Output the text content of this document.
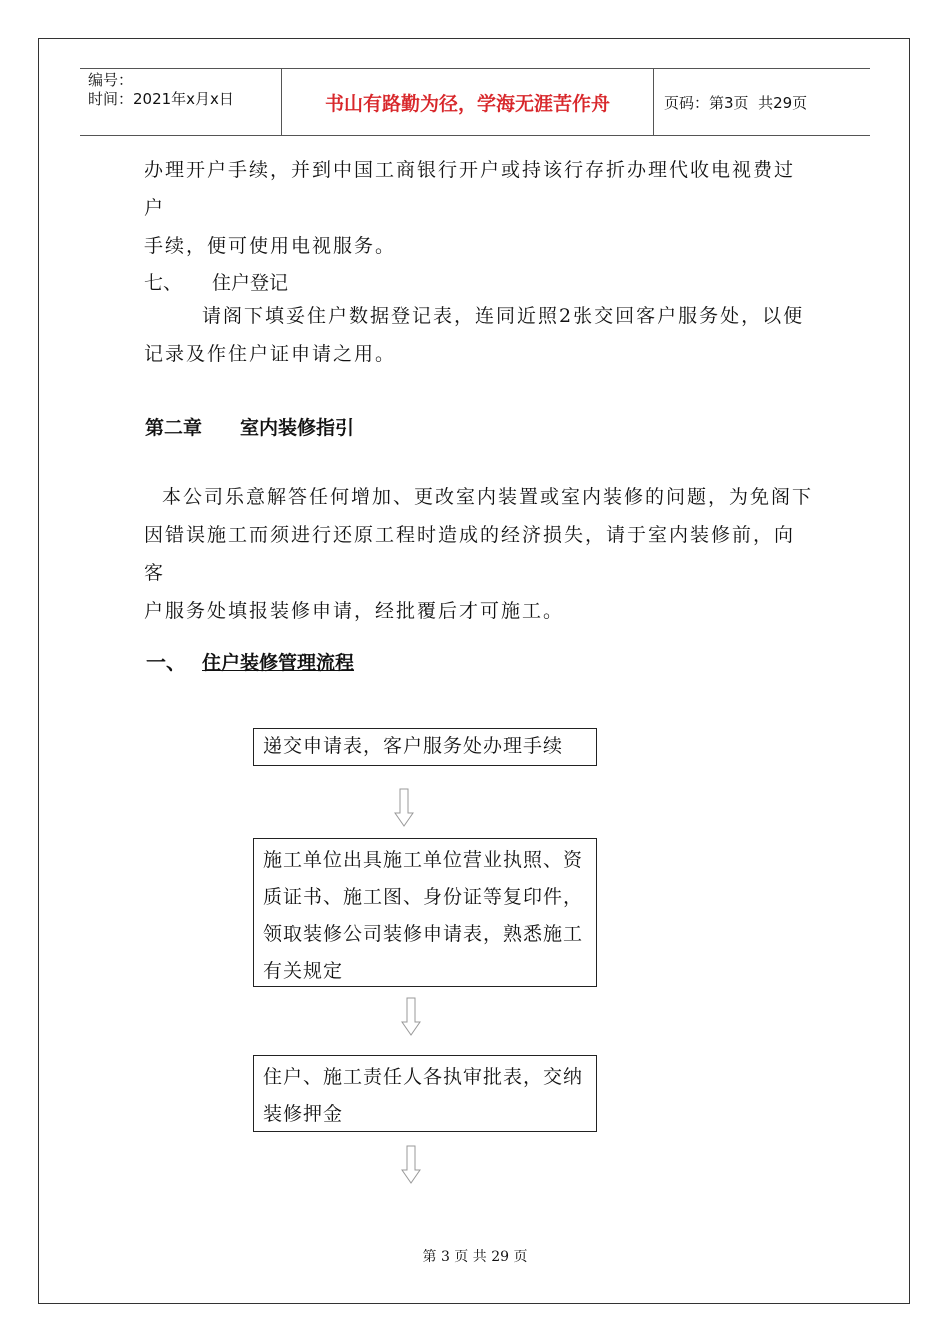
编号：
时间：2021年x月x日	书山有路勤为径，学海无涯苦作舟	页码：第3页  共29页

办理开户手续，并到中国工商银行开户或持该行存折办理代收电视费过户
手续，便可使用电视服务。

七、 住户登记

请阁下填妥住户数据登记表，连同近照2张交回客户服务处，以便
记录及作住户证申请之用。

第二章 室内装修指引

本公司乐意解答任何增加、更改室内装置或室内装修的问题，为免阁下
因错误施工而须进行还原工程时造成的经济损失，请于室内装修前，向客
户服务处填报装修申请，经批覆后才可施工。

一、 住户装修管理流程
递交申请表，客户服务处办理手续
施工单位出具施工单位营业执照、资质证书、施工图、身份证等复印件，领取装修公司装修申请表，熟悉施工有关规定
住户、施工责任人各执审批表，交纳装修押金
第 3 页 共 29 页
